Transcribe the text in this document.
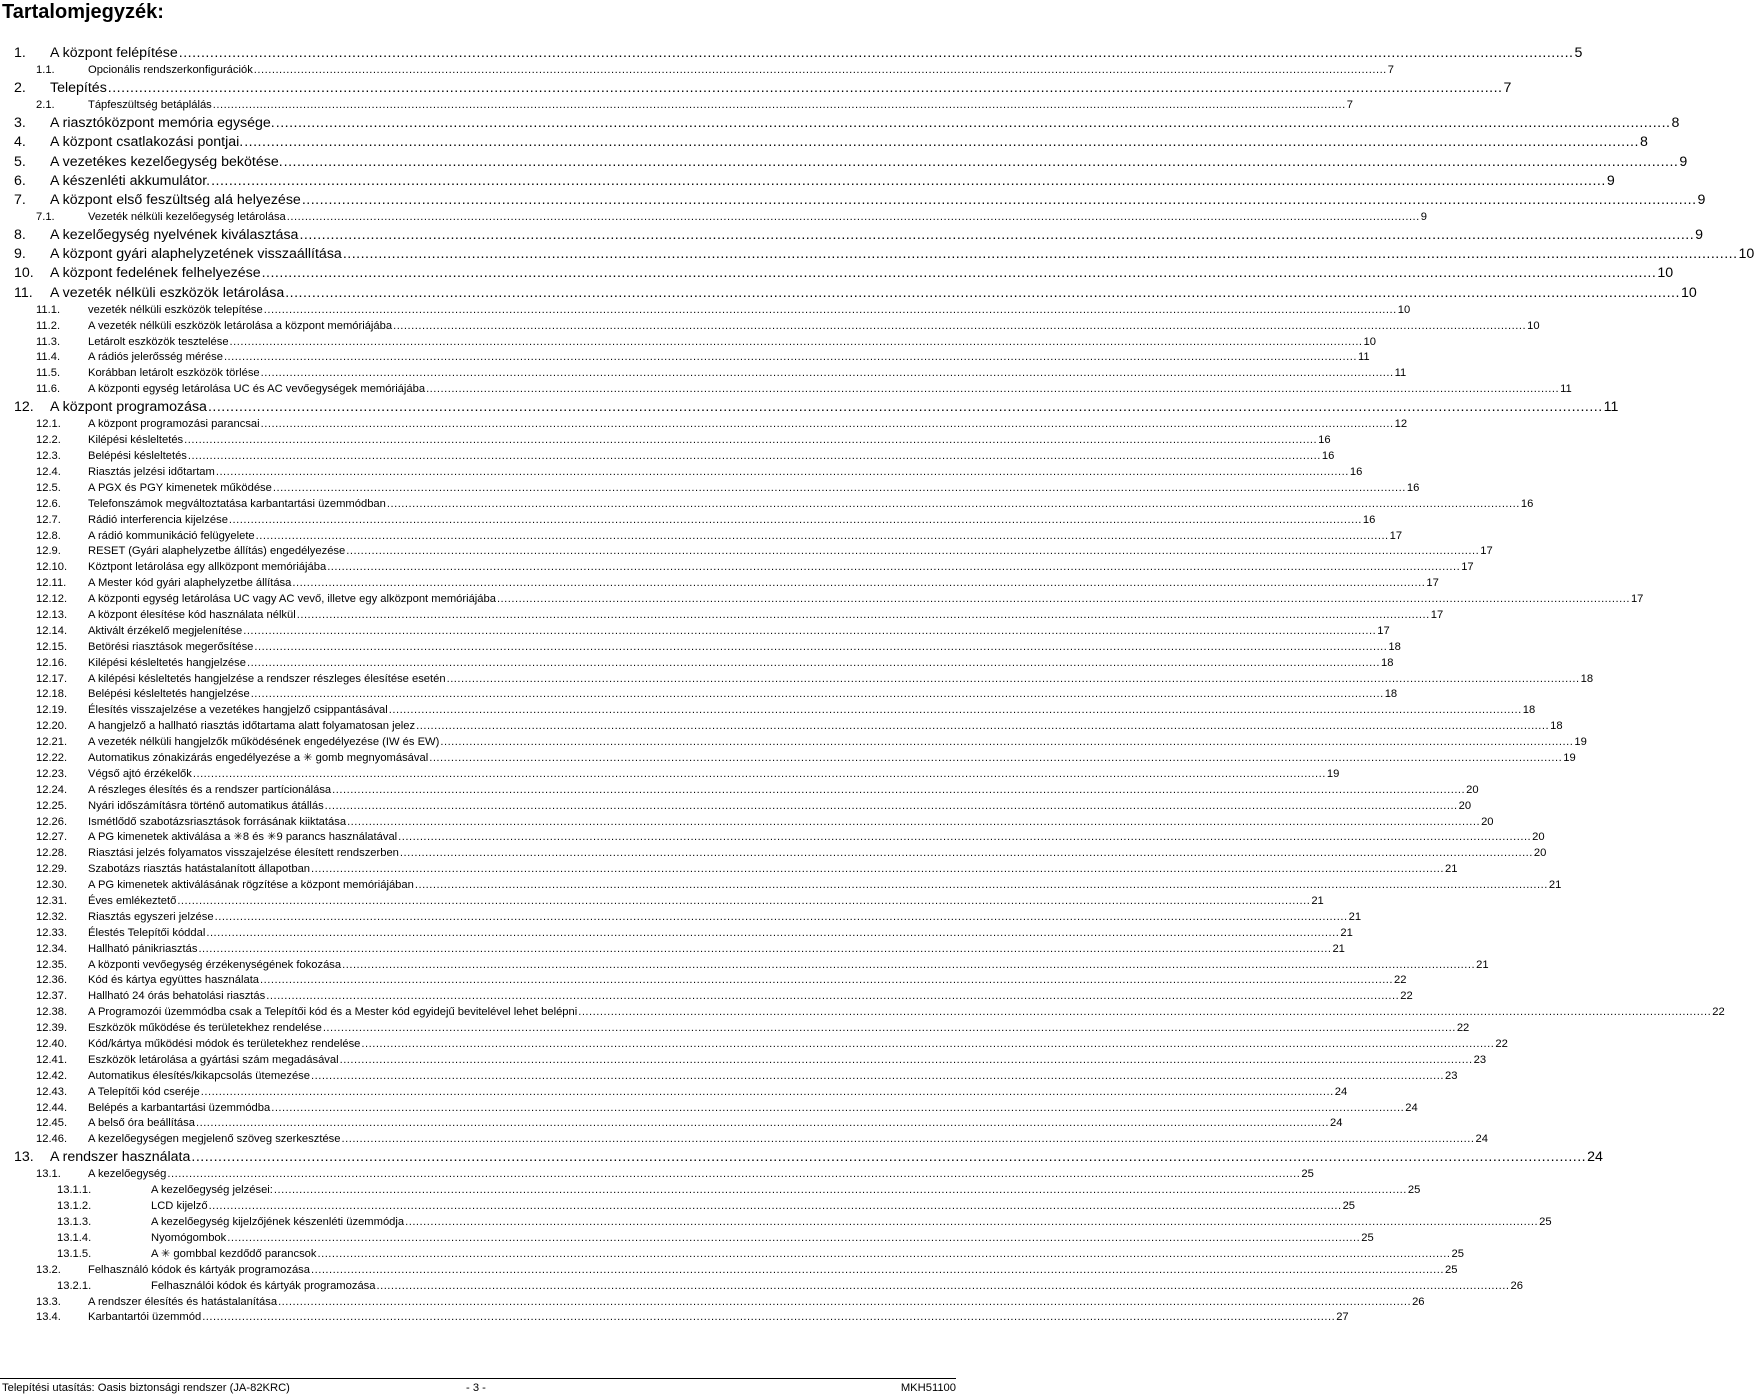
Tartalomjegyzék:
1.	A központ felépítése .....	5
1.1.	Opcionális rendszerkonfigurációk .....	7
2.	Telepítés .....	7
2.1.	Tápfeszültség betáplálás .....	7
3.	A riasztóközpont memória egysége. .....	8
4.	A központ csatlakozási pontjai. .....	8
5.	A vezetékes kezelőegység bekötése. .....	9
6.	A készenléti akkumulátor. .....	9
7.	A központ első feszültség alá helyezése .....	9
7.1.	Vezeték nélküli kezelőegység letárolása .....	9
8.	A kezelőegység nyelvének kiválasztása .....	9
9.	A központ gyári alaphelyzetének visszaállítása .....	10
10.	A központ fedelének felhelyezése .....	10
11.	A vezeték nélküli eszközök letárolása .....	10
11.1.	vezeték nélküli eszközök telepítése .....	10
11.2.	A vezeték nélküli eszközök letárolása a központ memóriájába .....	10
11.3.	Letárolt eszközök tesztelése .....	10
11.4.	A rádiós jelerősség mérése .....	11
11.5.	Korábban letárolt eszközök törlése .....	11
11.6.	A központi egység letárolása UC és AC vevőegységek memóriájába .....	11
12.	A központ programozása .....	11
12.1.	A központ programozási parancsai .....	12
12.2.	Kilépési késleltetés .....	16
12.3.	Belépési késleltetés .....	16
12.4.	Riasztás jelzési időtartam .....	16
12.5.	A PGX és PGY kimenetek működése .....	16
12.6.	Telefonszámok megváltoztatása karbantartási üzemmódban .....	16
12.7.	Rádió interferencia kijelzése .....	16
12.8.	A rádió kommunikáció felügyelete .....	17
12.9.	RESET (Gyári alaphelyzetbe állítás) engedélyezése .....	17
12.10.	Köztpont letárolása egy allközpont memóriájába .....	17
12.11.	A Mester kód gyári alaphelyzetbe állítása .....	17
12.12.	A központi egység letárolása UC vagy AC vevő, illetve egy alközpont memóriájába .....	17
12.13.	A központ élesítése kód használata nélkül .....	17
12.14.	Aktivált érzékelő megjelenítése .....	17
12.15.	Betörési riasztások megerősítése .....	18
12.16.	Kilépési késleltetés hangjelzése .....	18
12.17.	A kilépési késleltetés hangjelzése a rendszer részleges élesítése esetén .....	18
12.18.	Belépési késleltetés hangjelzése .....	18
12.19.	Élesítés visszajelzése a vezetékes hangjelző csippantásával .....	18
12.20.	A hangjelző a hallható riasztás időtartama alatt folyamatosan jelez .....	18
12.21.	A vezeték nélküli hangjelzők működésének engedélyezése (IW és EW) .....	19
12.22.	Automatikus zónakizárás engedélyezése a ✳ gomb megnyomásával .....	19
12.23.	Végső ajtó érzékelők .....	19
12.24.	A részleges élesítés és a rendszer partícionálása .....	20
12.25.	Nyári időszámításra történő automatikus átállás .....	20
12.26.	Ismétlődő szabotázsriasztások forrásának kiiktatása .....	20
12.27.	A PG kimenetek aktiválása a ✳8 és ✳9 parancs használatával .....	20
12.28.	Riasztási jelzés folyamatos visszajelzése élesített rendszerben .....	20
12.29.	Szabotázs riasztás hatástalanított állapotban .....	21
12.30.	A PG kimenetek aktiválásának rögzítése a központ memóriájában .....	21
12.31.	Éves emlékeztető .....	21
12.32.	Riasztás egyszeri jelzése .....	21
12.33.	Élestés Telepítői kóddal .....	21
12.34.	Hallható pánikriasztás .....	21
12.35.	A központi vevőegység érzékenységének fokozása .....	21
12.36.	Kód és kártya együttes használata .....	22
12.37.	Hallható 24 órás behatolási riasztás .....	22
12.38.	A Programozói üzemmódba csak a Telepítői kód és a Mester kód egyidejű bevitelével lehet belépni .....	22
12.39.	Eszközök működése és területekhez rendelése .....	22
12.40.	Kód/kártya működési módok és területekhez rendelése .....	22
12.41.	Eszközök letárolása a gyártási szám megadásával .....	23
12.42.	Automatikus élesítés/kikapcsolás ütemezése .....	23
12.43.	A Telepítői kód cseréje .....	24
12.44.	Belépés a karbantartási üzemmódba .....	24
12.45.	A belső óra beállítása .....	24
12.46.	A kezelőegységen megjelenő szöveg szerkesztése .....	24
13.	A rendszer használata .....	24
13.1.	A kezelőegység .....	25
13.1.1.	A kezelőegység jelzései: .....	25
13.1.2.	LCD kijelző .....	25
13.1.3.	A kezelőegység kijelzőjének készenléti üzemmódja .....	25
13.1.4.	Nyomógombok .....	25
13.1.5.	A ✳ gombbal kezdődő parancsok .....	25
13.2.	Felhasználó kódok és kártyák programozása .....	25
13.2.1.	Felhasználói kódok és kártyák programozása .....	26
13.3.	A rendszer élesítés és hatástalanítása .....	26
13.4.	Karbantartói üzemmód .....	27
Telepítési utasítás: Oasis biztonsági rendszer (JA-82KRC)	- 3 -	MKH51100
